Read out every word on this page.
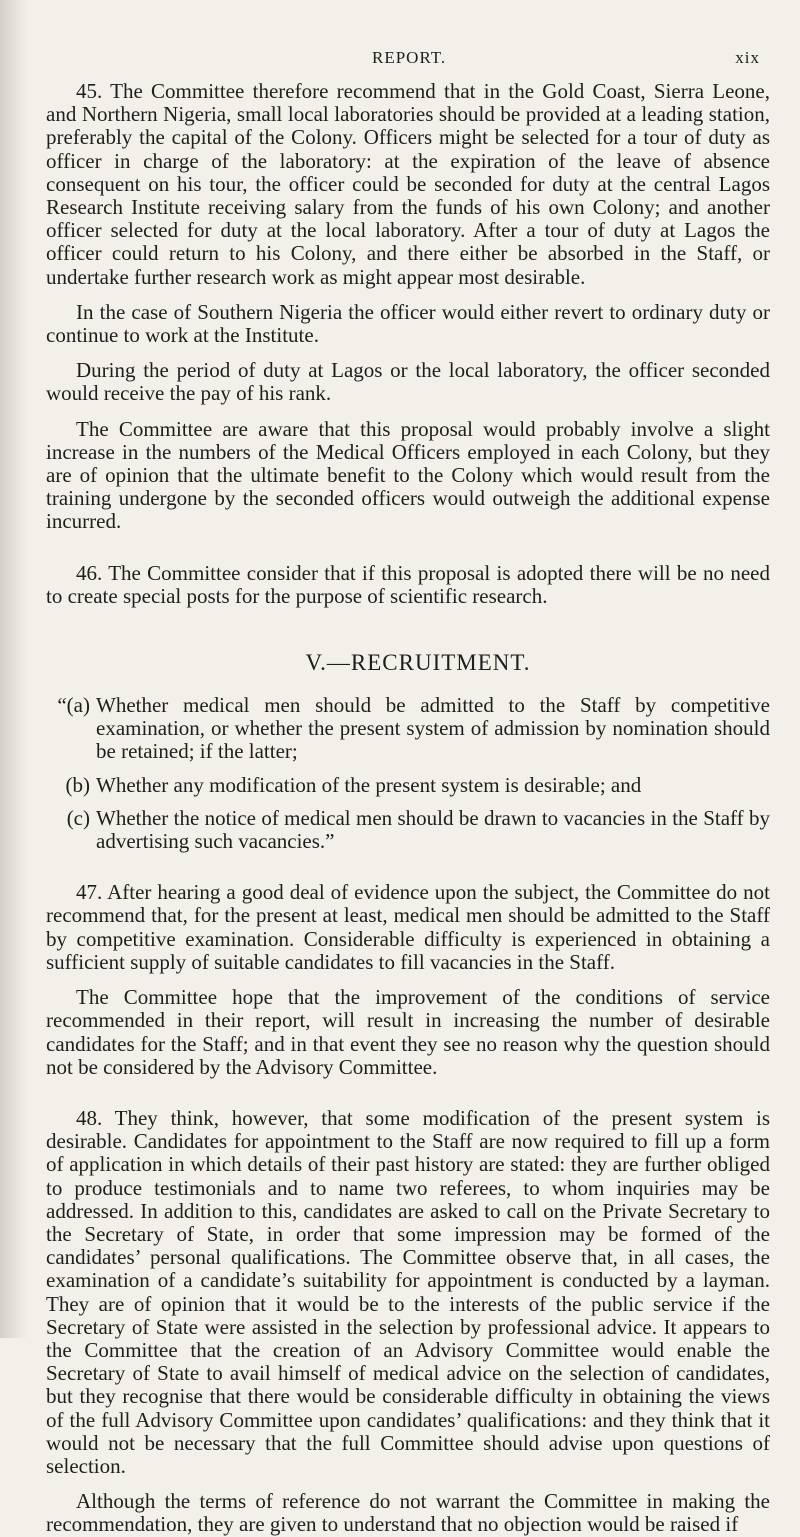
REPORT.	xix

45. The Committee therefore recommend that in the Gold Coast, Sierra Leone, and Northern Nigeria, small local laboratories should be provided at a leading station, preferably the capital of the Colony. Officers might be selected for a tour of duty as officer in charge of the laboratory: at the expiration of the leave of absence consequent on his tour, the officer could be seconded for duty at the central Lagos Research Institute receiving salary from the funds of his own Colony; and another officer selected for duty at the local laboratory. After a tour of duty at Lagos the officer could return to his Colony, and there either be absorbed in the Staff, or undertake further research work as might appear most desirable.

In the case of Southern Nigeria the officer would either revert to ordinary duty or continue to work at the Institute.

During the period of duty at Lagos or the local laboratory, the officer seconded would receive the pay of his rank.

The Committee are aware that this proposal would probably involve a slight increase in the numbers of the Medical Officers employed in each Colony, but they are of opinion that the ultimate benefit to the Colony which would result from the training undergone by the seconded officers would outweigh the additional expense incurred.

46. The Committee consider that if this proposal is adopted there will be no need to create special posts for the purpose of scientific research.

V.—RECRUITMENT.
“(a) Whether medical men should be admitted to the Staff by competitive examination, or whether the present system of admission by nomination should be retained; if the latter;
(b) Whether any modification of the present system is desirable; and
(c) Whether the notice of medical men should be drawn to vacancies in the Staff by advertising such vacancies.”

47. After hearing a good deal of evidence upon the subject, the Committee do not recommend that, for the present at least, medical men should be admitted to the Staff by competitive examination. Considerable difficulty is experienced in obtaining a sufficient supply of suitable candidates to fill vacancies in the Staff.

The Committee hope that the improvement of the conditions of service recommended in their report, will result in increasing the number of desirable candidates for the Staff; and in that event they see no reason why the question should not be considered by the Advisory Committee.

48. They think, however, that some modification of the present system is desirable. Candidates for appointment to the Staff are now required to fill up a form of application in which details of their past history are stated: they are further obliged to produce testimonials and to name two referees, to whom inquiries may be addressed. In addition to this, candidates are asked to call on the Private Secretary to the Secretary of State, in order that some impression may be formed of the candidates’ personal qualifications. The Committee observe that, in all cases, the examination of a candidate’s suitability for appointment is conducted by a layman. They are of opinion that it would be to the interests of the public service if the Secretary of State were assisted in the selection by professional advice. It appears to the Committee that the creation of an Advisory Committee would enable the Secretary of State to avail himself of medical advice on the selection of candidates, but they recognise that there would be considerable difficulty in obtaining the views of the full Advisory Committee upon candidates’ qualifications: and they think that it would not be necessary that the full Committee should advise upon questions of selection.

Although the terms of reference do not warrant the Committee in making the recommendation, they are given to understand that no objection would be raised if
